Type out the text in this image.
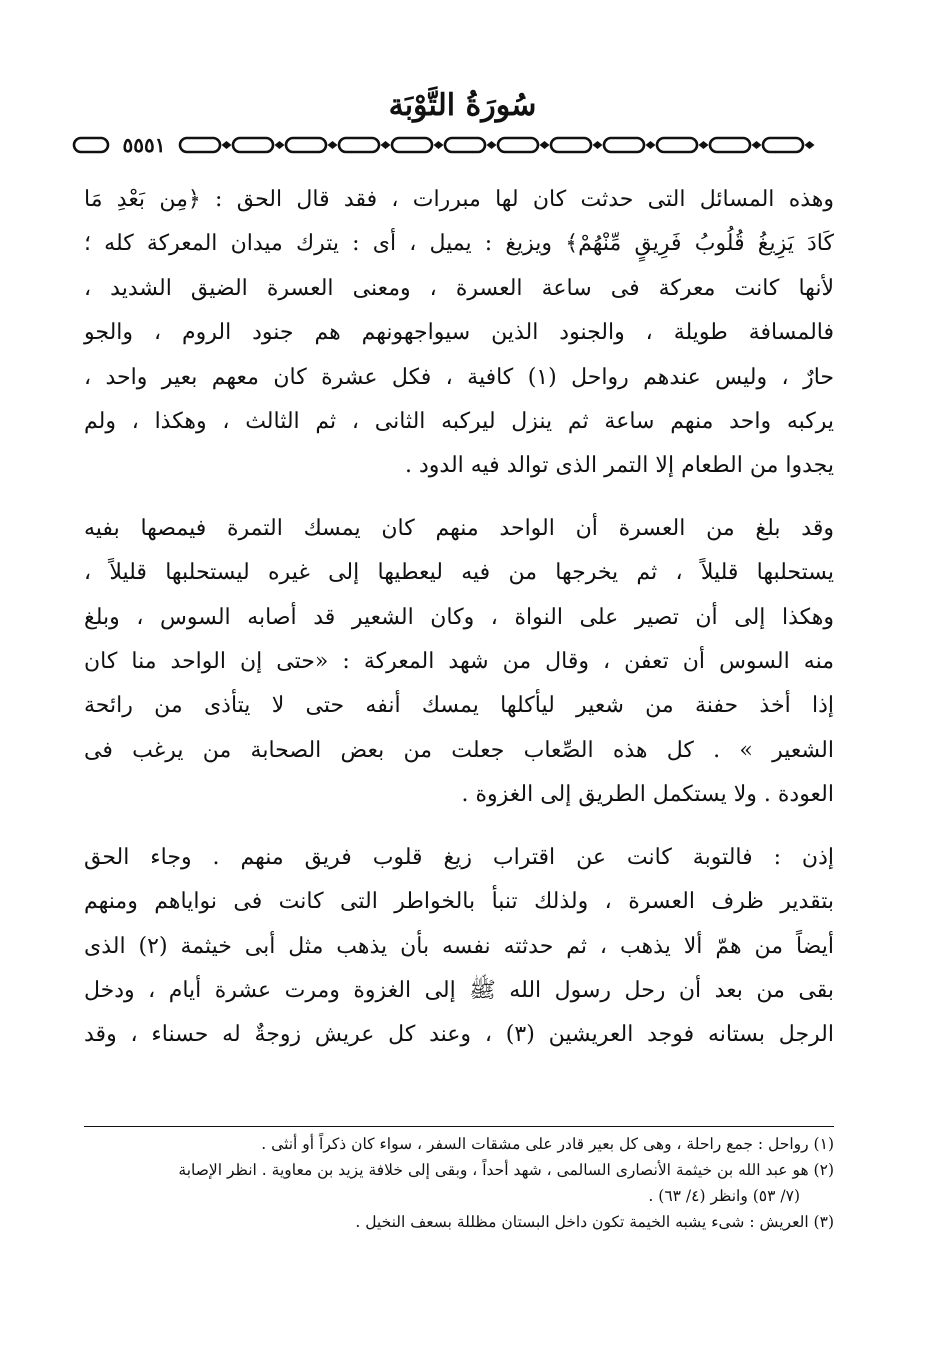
سُورَةُ التَّوْبَة
٥٥٥١
وهذه المسائل التى حدثت كان لها مبررات ، فقد قال الحق : ﴿مِن بَعْدِ مَا
كَادَ يَزِيغُ قُلُوبُ فَرِيقٍ مِّنْهُمْ﴾ ويزيغ : يميل ، أى : يترك ميدان المعركة كله ؛
لأنها كانت معركة فى ساعة العسرة ، ومعنى العسرة الضيق الشديد ،
فالمسافة طويلة ، والجنود الذين سيواجهونهم هم جنود الروم ، والجو
حارٌ ، وليس عندهم رواحل (١) كافية ، فكل عشرة كان معهم بعير واحد ،
يركبه واحد منهم ساعة ثم ينزل ليركبه الثانى ، ثم الثالث ، وهكذا ، ولم
يجدوا من الطعام إلا التمر الذى توالد فيه الدود .
وقد بلغ من العسرة أن الواحد منهم كان يمسك التمرة فيمصها بفيه
يستحلبها قليلاً ، ثم يخرجها من فيه ليعطيها إلى غيره ليستحلبها قليلاً ،
وهكذا إلى أن تصير على النواة ، وكان الشعير قد أصابه السوس ، وبلغ
منه السوس أن تعفن ، وقال من شهد المعركة : «حتى إن الواحد منا كان
إذا أخذ حفنة من شعير ليأكلها يمسك أنفه حتى لا يتأذى من رائحة
الشعير » . كل هذه الصِّعاب جعلت من بعض الصحابة من يرغب فى
العودة . ولا يستكمل الطريق إلى الغزوة .
إذن : فالتوبة كانت عن اقتراب زيغ قلوب فريق منهم . وجاء الحق
بتقدير ظرف العسرة ، ولذلك تنبأ بالخواطر التى كانت فى نواياهم ومنهم
أيضاً من همّ ألا يذهب ، ثم حدثته نفسه بأن يذهب مثل أبى خيثمة (٢) الذى
بقى من بعد أن رحل رسول الله ﷺ إلى الغزوة ومرت عشرة أيام ، ودخل
الرجل بستانه فوجد العريشين (٣) ، وعند كل عريش زوجةٌ له حسناء ، وقد
(١) رواحل : جمع راحلة ، وهى كل بعير قادر على مشقات السفر ، سواء كان ذكراً أو أنثى .
(٢) هو عبد الله بن خيثمة الأنصارى السالمى ، شهد أحداً ، وبقى إلى خلافة يزيد بن معاوية . انظر الإصابة
(٧/ ٥٣) وانظر (٤/ ٦٣) .
(٣) العريش : شىء يشبه الخيمة تكون داخل البستان مظللة بسعف النخيل .
